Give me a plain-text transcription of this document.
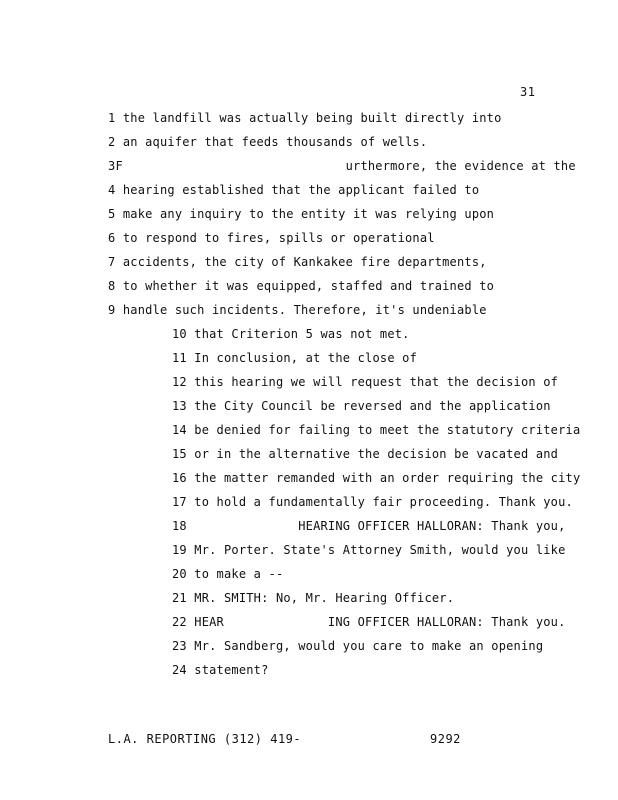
31
1 the landfill was actually being built directly into
2 an aquifer that feeds thousands of wells.
3F                              urthermore, the evidence at the
4 hearing established that the applicant failed to
5 make any inquiry to the entity it was relying upon
6 to respond to fires, spills or operational
7 accidents, the city of Kankakee fire departments,
8 to whether it was equipped, staffed and trained to
9 handle such incidents. Therefore, it's undeniable
10 that Criterion 5 was not met.
11 In conclusion, at the close of
12 this hearing we will request that the decision of
13 the City Council be reversed and the application
14 be denied for failing to meet the statutory criteria
15 or in the alternative the decision be vacated and
16 the matter remanded with an order requiring the city
17 to hold a fundamentally fair proceeding. Thank you.
18               HEARING OFFICER HALLORAN: Thank you,
19 Mr. Porter. State's Attorney Smith, would you like
20 to make a --
21 MR. SMITH: No, Mr. Hearing Officer.
22 HEAR              ING OFFICER HALLORAN: Thank you.
23 Mr. Sandberg, would you care to make an opening
24 statement?
L.A. REPORTING (312) 419-	9292
